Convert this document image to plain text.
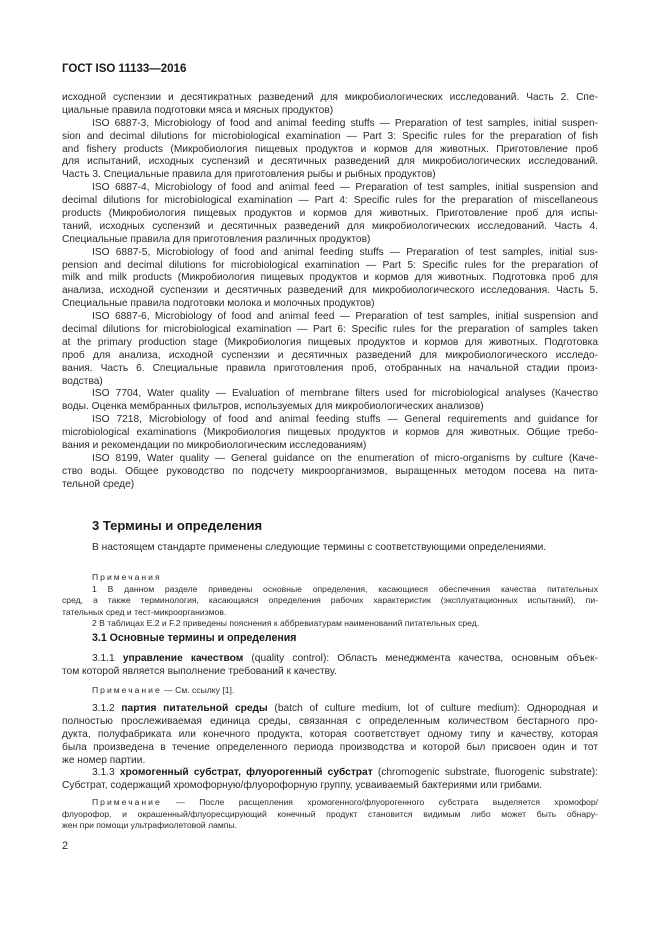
ГОСТ ISO 11133—2016
исходной суспензии и десятикратных разведений для микробиологических исследований. Часть 2. Спе-
циальные правила подготовки мяса и мясных продуктов)
ISO 6887-3, Microbiology of food and animal feeding stuffs — Preparation of test samples, initial suspen-
sion and decimal dilutions for microbiological examination — Part 3: Specific rules for the preparation of fish
and fishery products (Микробиология пищевых продуктов и кормов для животных. Приготовление проб
для испытаний, исходных суспензий и десятичных разведений для микробиологических исследований.
Часть 3. Специальные правила для приготовления рыбы и рыбных продуктов)
ISO 6887-4, Microbiology of food and animal feed — Preparation of test samples, initial suspension and
decimal dilutions for microbiological examination — Part 4: Specific rules for the preparation of miscellaneous
products (Микробиология пищевых продуктов и кормов для животных. Приготовление проб для испы-
таний, исходных суспензий и десятичных разведений для микробиологических исследований. Часть 4.
Специальные правила для приготовления различных продуктов)
ISO 6887-5, Microbiology of food and animal feeding stuffs — Preparation of test samples, initial sus-
pension and decimal dilutions for microbiological examination — Part 5: Specific rules for the preparation of
milk and milk products (Микробиология пищевых продуктов и кормов для животных. Подготовка проб для
анализа, исходной суспензии и десятичных разведений для микробиологического исследования. Часть 5.
Специальные правила подготовки молока и молочных продуктов)
ISO 6887-6, Microbiology of food and animal feed — Preparation of test samples, initial suspension and
decimal dilutions for microbiological examination — Part 6: Specific rules for the preparation of samples taken
at the primary production stage (Микробиология пищевых продуктов и кормов для животных. Подготовка
проб для анализа, исходной суспензии и десятичных разведений для микробиологического исследо-
вания. Часть 6. Специальные правила приготовления проб, отобранных на начальной стадии произ-
водства)
ISO 7704, Water quality — Evaluation of membrane filters used for microbiological analyses (Качество
воды. Оценка мембранных фильтров, используемых для микробиологических анализов)
ISO 7218, Microbiology of food and animal feeding stuffs — General requirements and guidance for
microbiological examinations (Микробиология пищевых продуктов и кормов для животных. Общие требо-
вания и рекомендации по микробиологическим исследованиям)
ISO 8199, Water quality — General guidance on the enumeration of micro-organisms by culture (Каче-
ство воды. Общее руководство по подсчету микроорганизмов, выращенных методом посева на пита-
тельной среде)
3 Термины и определения
В настоящем стандарте применены следующие термины с соответствующими определениями.
Примечания
1 В данном разделе приведены основные определения, касающиеся обеспечения качества питательных
сред, а также терминология, касающаяся определения рабочих характеристик (эксплуатационных испытаний), пи-
тательных сред и тест-микроорганизмов.
2 В таблицах Е.2 и F.2 приведены пояснения к аббревиатурам наименований питательных сред.
3.1 Основные термины и определения
3.1.1 управление качеством (quality control): Область менеджмента качества, основным объек-
том которой является выполнение требований к качеству.
Примечание — См. ссылку [1].
3.1.2 партия питательной среды (batch of culture medium, lot of culture medium): Однородная и
полностью прослеживаемая единица среды, связанная с определенным количеством бестарного про-
дукта, полуфабриката или конечного продукта, которая соответствует одному типу и качеству, которая
была произведена в течение определенного периода производства и которой был присвоен один и тот
же номер партии.
3.1.3 хромогенный субстрат, флуорогенный субстрат (chromogenic substrate, fluorogenic substrate):
Субстрат, содержащий хромофорную/флуорофорную группу, усваиваемый бактериями или грибами.
Примечание — После расщепления хромогенного/флуорогенного субстрата выделяется хромофор/
флуорофор, и окрашенный/флуоресцирующий конечный продукт становится видимым либо может быть обнару-
жен при помощи ультрафиолетовой лампы.
2
